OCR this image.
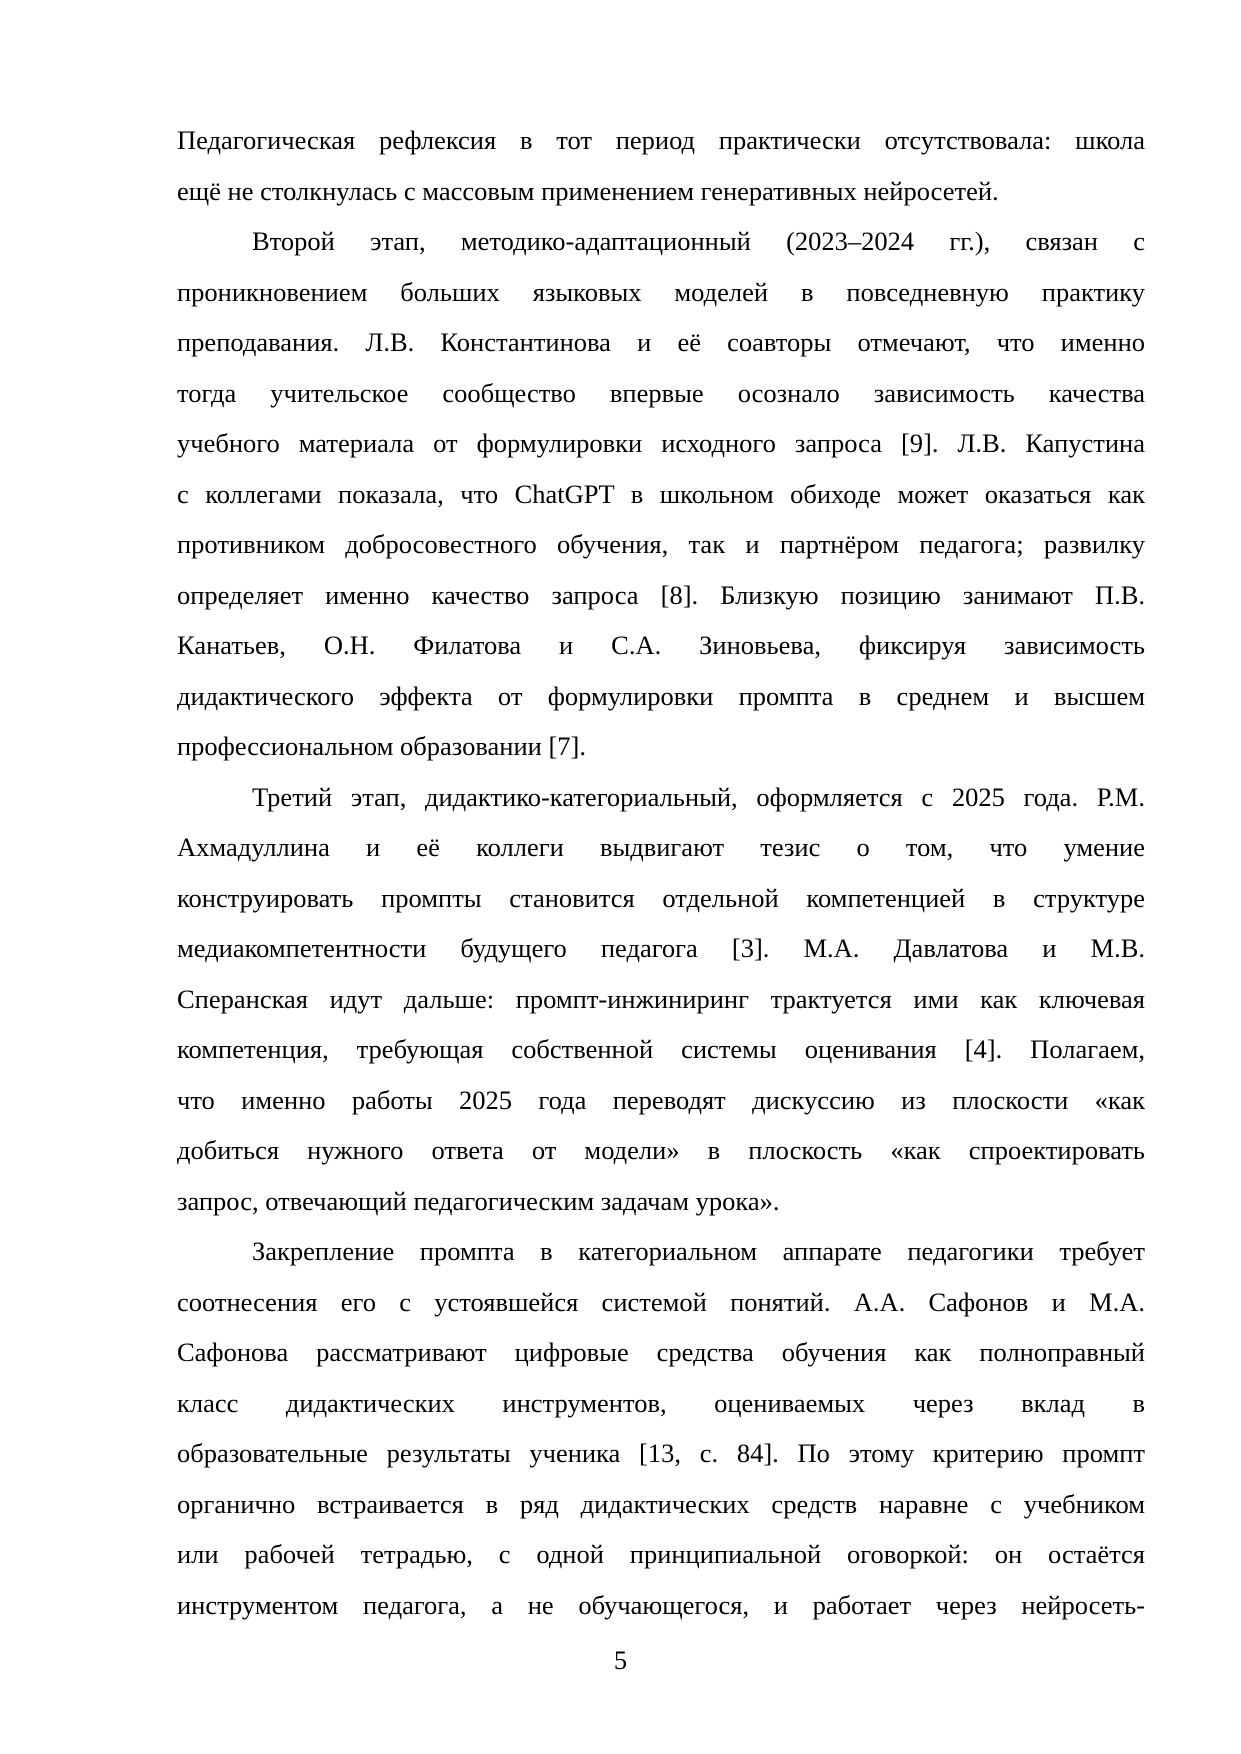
Педагогическая рефлексия в тот период практически отсутствовала: школа
ещё не столкнулась с массовым применением генеративных нейросетей.
Второй этап, методико-адаптационный (2023–2024 гг.), связан с
проникновением больших языковых моделей в повседневную практику
преподавания. Л.В. Константинова и её соавторы отмечают, что именно
тогда учительское сообщество впервые осознало зависимость качества
учебного материала от формулировки исходного запроса [9]. Л.В. Капустина
с коллегами показала, что ChatGPT в школьном обиходе может оказаться как
противником добросовестного обучения, так и партнёром педагога; развилку
определяет именно качество запроса [8]. Близкую позицию занимают П.В.
Канатьев, О.Н. Филатова и С.А. Зиновьева, фиксируя зависимость
дидактического эффекта от формулировки промпта в среднем и высшем
профессиональном образовании [7].
Третий этап, дидактико-категориальный, оформляется с 2025 года. Р.М.
Ахмадуллина и её коллеги выдвигают тезис о том, что умение
конструировать промпты становится отдельной компетенцией в структуре
медиакомпетентности будущего педагога [3]. М.А. Давлатова и М.В.
Сперанская идут дальше: промпт-инжиниринг трактуется ими как ключевая
компетенция, требующая собственной системы оценивания [4]. Полагаем,
что именно работы 2025 года переводят дискуссию из плоскости «как
добиться нужного ответа от модели» в плоскость «как спроектировать
запрос, отвечающий педагогическим задачам урока».
Закрепление промпта в категориальном аппарате педагогики требует
соотнесения его с устоявшейся системой понятий. А.А. Сафонов и М.А.
Сафонова рассматривают цифровые средства обучения как полноправный
класс дидактических инструментов, оцениваемых через вклад в
образовательные результаты ученика [13, с. 84]. По этому критерию промпт
органично встраивается в ряд дидактических средств наравне с учебником
или рабочей тетрадью, с одной принципиальной оговоркой: он остаётся
инструментом педагога, а не обучающегося, и работает через нейросеть-
5
